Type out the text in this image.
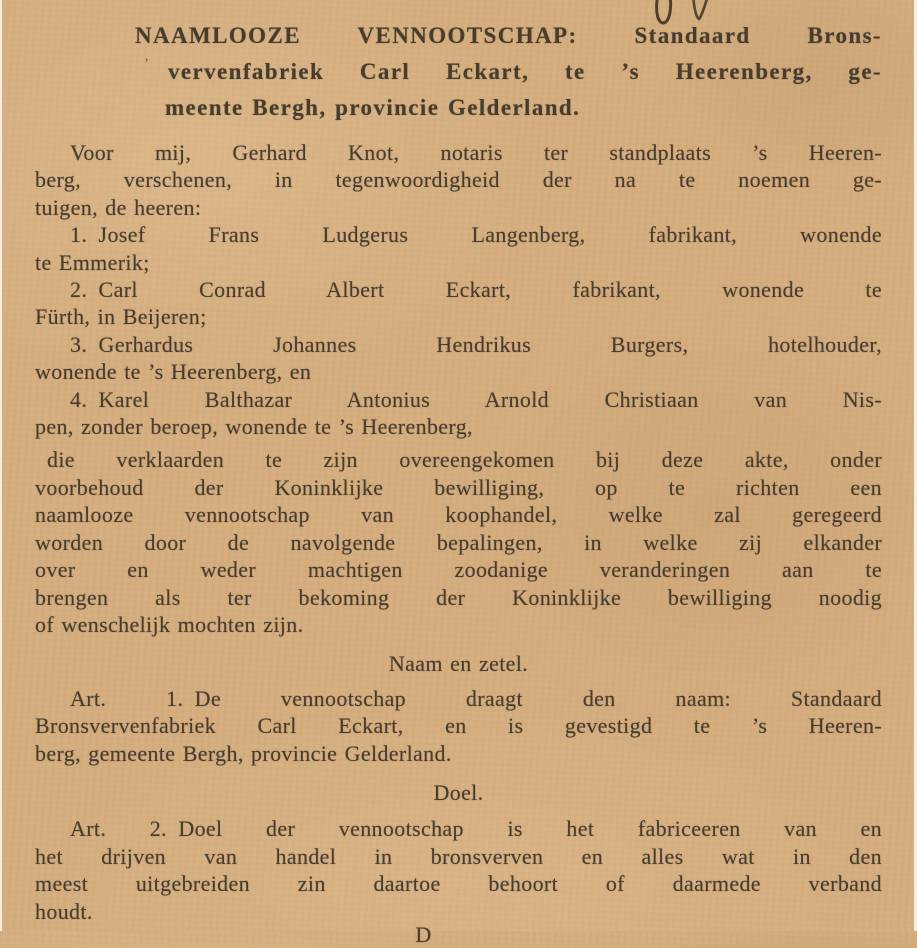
’
NAAMLOOZE VENNOOTSCHAP: Standaard Brons-
vervenfabriek Carl Eckart, te ’s Heerenberg, ge-
meente Bergh, provincie Gelderland.
Voor mij, Gerhard Knot, notaris ter standplaats ’s Heeren-
berg, verschenen, in tegenwoordigheid der na te noemen ge-
tuigen, de heeren:
1. Josef Frans Ludgerus Langenberg, fabrikant, wonende
te Emmerik;
2. Carl Conrad Albert Eckart, fabrikant, wonende te
Fürth, in Beijeren;
3. Gerhardus Johannes Hendrikus Burgers, hotelhouder,
wonende te ’s Heerenberg, en
4. Karel Balthazar Antonius Arnold Christiaan van Nis-
pen, zonder beroep, wonende te ’s Heerenberg,
die verklaarden te zijn overeengekomen bij deze akte, onder
voorbehoud der Koninklijke bewilliging, op te richten een
naamlooze vennootschap van koophandel, welke zal geregeerd
worden door de navolgende bepalingen, in welke zij elkander
over en weder machtigen zoodanige veranderingen aan te
brengen als ter bekoming der Koninklijke bewilliging noodig
of wenschelijk mochten zijn.
Naam en zetel.
Art. 1. De vennootschap draagt den naam: Standaard
Bronsvervenfabriek Carl Eckart, en is gevestigd te ’s Heeren-
berg, gemeente Bergh, provincie Gelderland.
Doel.
Art. 2. Doel der vennootschap is het fabriceeren van en
het drijven van handel in bronsverven en alles wat in den
meest uitgebreiden zin daartoe behoort of daarmede verband
houdt.
D
